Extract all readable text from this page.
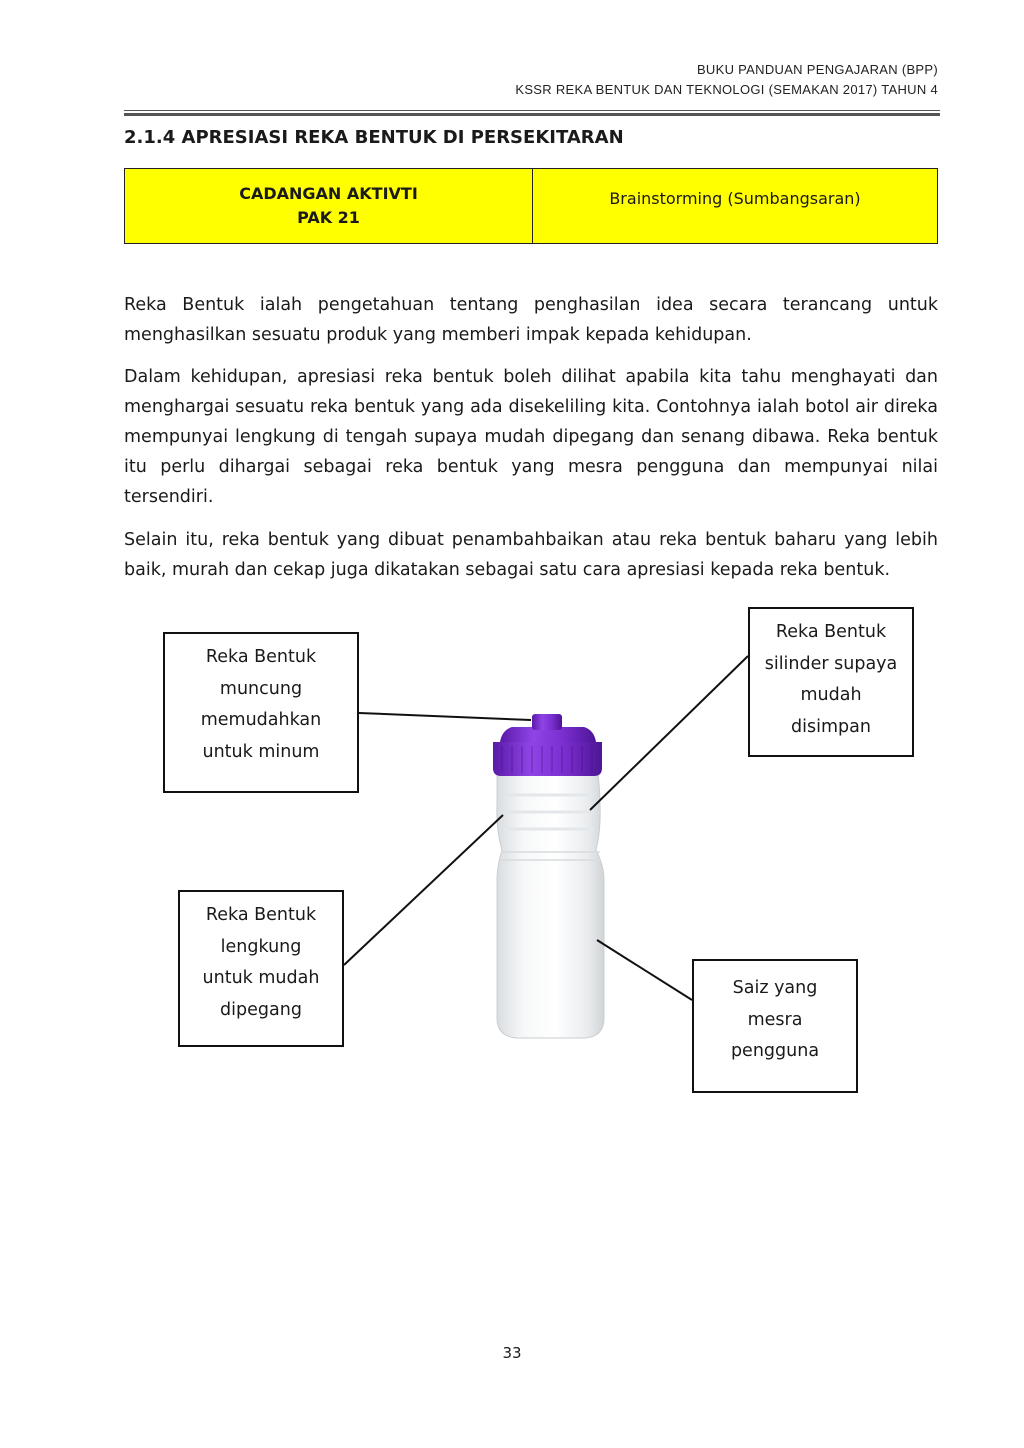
BUKU PANDUAN PENGAJARAN (BPP)
KSSR REKA BENTUK DAN TEKNOLOGI (SEMAKAN 2017) TAHUN 4
2.1.4 APRESIASI REKA BENTUK DI PERSEKITARAN
CADANGAN AKTIVTI
PAK 21
Brainstorming (Sumbangsaran)

Reka Bentuk ialah pengetahuan tentang penghasilan idea secara terancang untuk menghasilkan sesuatu produk yang memberi impak kepada kehidupan.

Dalam kehidupan, apresiasi reka bentuk boleh dilihat apabila kita tahu menghayati dan menghargai sesuatu reka bentuk yang ada disekeliling kita. Contohnya ialah botol air direka mempunyai lengkung di tengah supaya mudah dipegang dan senang dibawa. Reka bentuk itu perlu dihargai sebagai reka bentuk yang mesra pengguna dan mempunyai nilai tersendiri.

Selain itu, reka bentuk yang dibuat penambahbaikan atau reka bentuk baharu yang lebih baik, murah dan cekap juga dikatakan sebagai satu cara apresiasi kepada reka bentuk.

Reka Bentuk
muncung
memudahkan
untuk minum
Reka Bentuk
silinder supaya
mudah
disimpan
Reka Bentuk
lengkung
untuk mudah
dipegang
Saiz yang
mesra
pengguna
33
